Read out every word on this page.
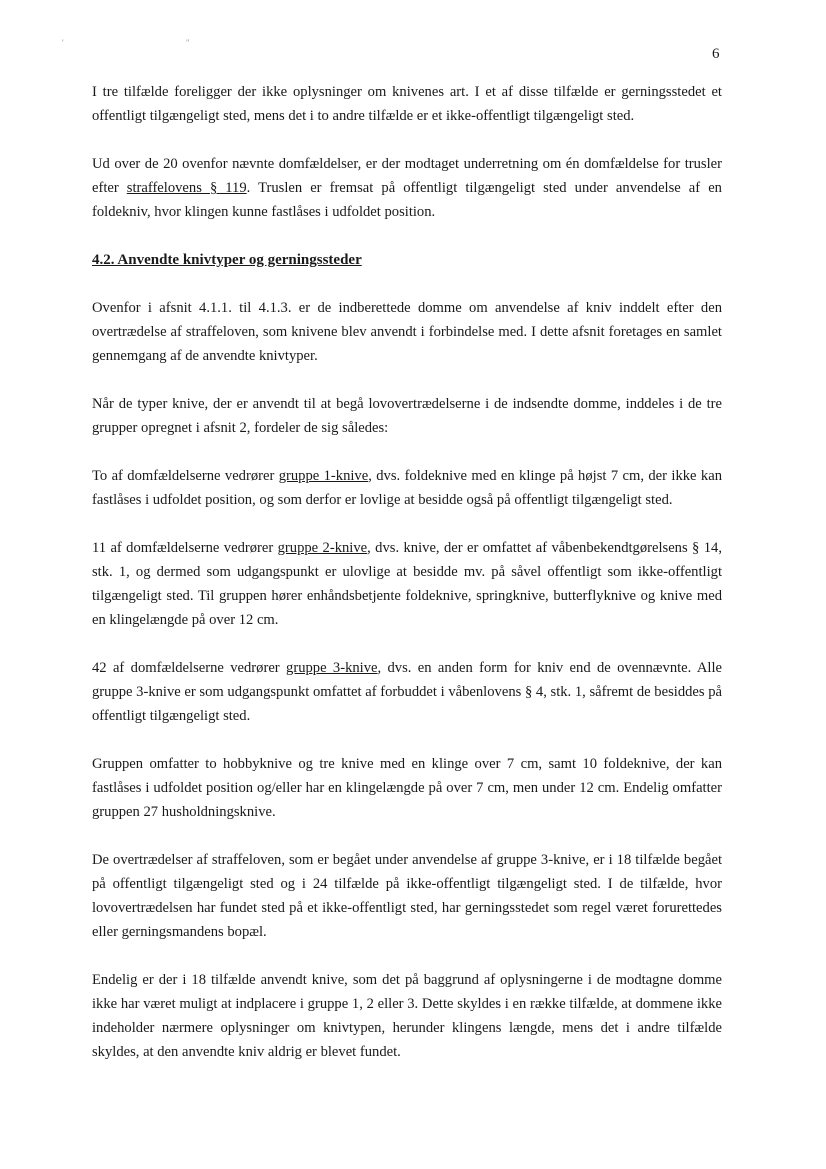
' "
6

I tre tilfælde foreligger der ikke oplysninger om knivenes art. I et af disse tilfælde er gerningsstedet et offentligt tilgængeligt sted, mens det i to andre tilfælde er et ikke-offentligt tilgængeligt sted.

Ud over de 20 ovenfor nævnte domfældelser, er der modtaget underretning om én domfældelse for trusler efter straffelovens § 119. Truslen er fremsat på offentligt tilgængeligt sted under anvendelse af en foldekniv, hvor klingen kunne fastlåses i udfoldet position.

4.2. Anvendte knivtyper og gerningssteder

Ovenfor i afsnit 4.1.1. til 4.1.3. er de indberettede domme om anvendelse af kniv inddelt efter den overtrædelse af straffeloven, som knivene blev anvendt i forbindelse med. I dette afsnit foretages en samlet gennemgang af de anvendte knivtyper.

Når de typer knive, der er anvendt til at begå lovovertrædelserne i de indsendte domme, inddeles i de tre grupper opregnet i afsnit 2, fordeler de sig således:

To af domfældelserne vedrører gruppe 1-knive, dvs. foldeknive med en klinge på højst 7 cm, der ikke kan fastlåses i udfoldet position, og som derfor er lovlige at besidde også på offentligt tilgængeligt sted.

11 af domfældelserne vedrører gruppe 2-knive, dvs. knive, der er omfattet af våbenbekendtgørelsens § 14, stk. 1, og dermed som udgangspunkt er ulovlige at besidde mv. på såvel offentligt som ikke-offentligt tilgængeligt sted. Til gruppen hører enhåndsbetjente foldeknive, springknive, butterflyknive og knive med en klingelængde på over 12 cm.

42 af domfældelserne vedrører gruppe 3-knive, dvs. en anden form for kniv end de ovennævnte. Alle gruppe 3-knive er som udgangspunkt omfattet af forbuddet i våbenlovens § 4, stk. 1, såfremt de besiddes på offentligt tilgængeligt sted.

Gruppen omfatter to hobbyknive og tre knive med en klinge over 7 cm, samt 10 foldeknive, der kan fastlåses i udfoldet position og/eller har en klingelængde på over 7 cm, men under 12 cm. Endelig omfatter gruppen 27 husholdningsknive.

De overtrædelser af straffeloven, som er begået under anvendelse af gruppe 3-knive, er i 18 tilfælde begået på offentligt tilgængeligt sted og i 24 tilfælde på ikke-offentligt tilgængeligt sted. I de tilfælde, hvor lovovertrædelsen har fundet sted på et ikke-offentligt sted, har gerningsstedet som regel været forurettedes eller gerningsmandens bopæl.

Endelig er der i 18 tilfælde anvendt knive, som det på baggrund af oplysningerne i de modtagne domme ikke har været muligt at indplacere i gruppe 1, 2 eller 3. Dette skyldes i en række tilfælde, at dommene ikke indeholder nærmere oplysninger om knivtypen, herunder klingens længde, mens det i andre tilfælde skyldes, at den anvendte kniv aldrig er blevet fundet.
